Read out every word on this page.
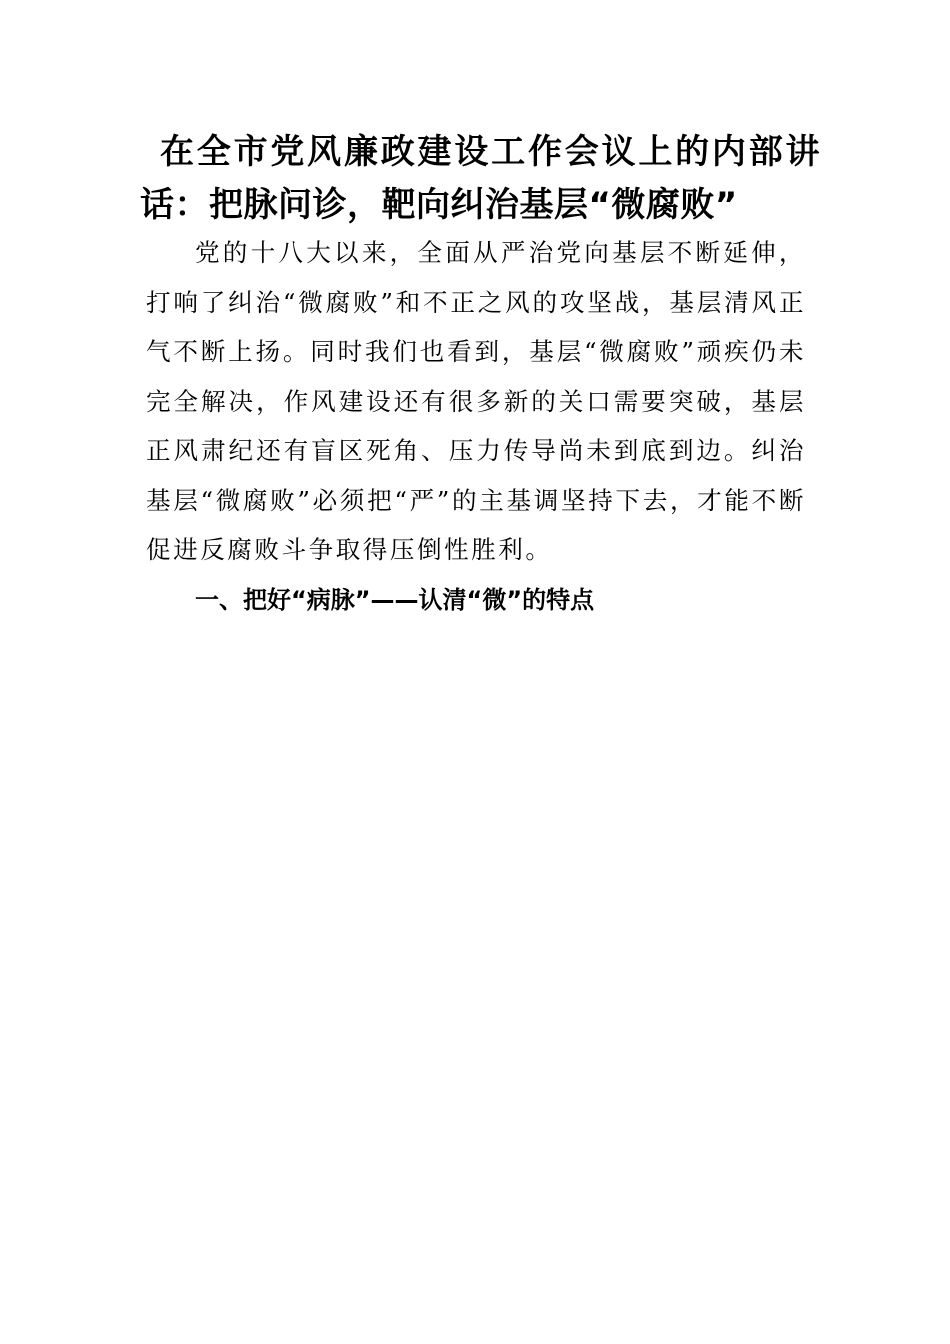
在全市党风廉政建设工作会议上的内部讲话：把脉问诊，靶向纠治基层“微腐败”

党的十八大以来，全面从严治党向基层不断延伸，打响了纠治“微腐败”和不正之风的攻坚战，基层清风正气不断上扬。同时我们也看到，基层“微腐败”顽疾仍未完全解决，作风建设还有很多新的关口需要突破，基层正风肃纪还有盲区死角、压力传导尚未到底到边。纠治基层“微腐败”必须把“严”的主基调坚持下去，才能不断促进反腐败斗争取得压倒性胜利。

一、把好“病脉”——认清“微”的特点
